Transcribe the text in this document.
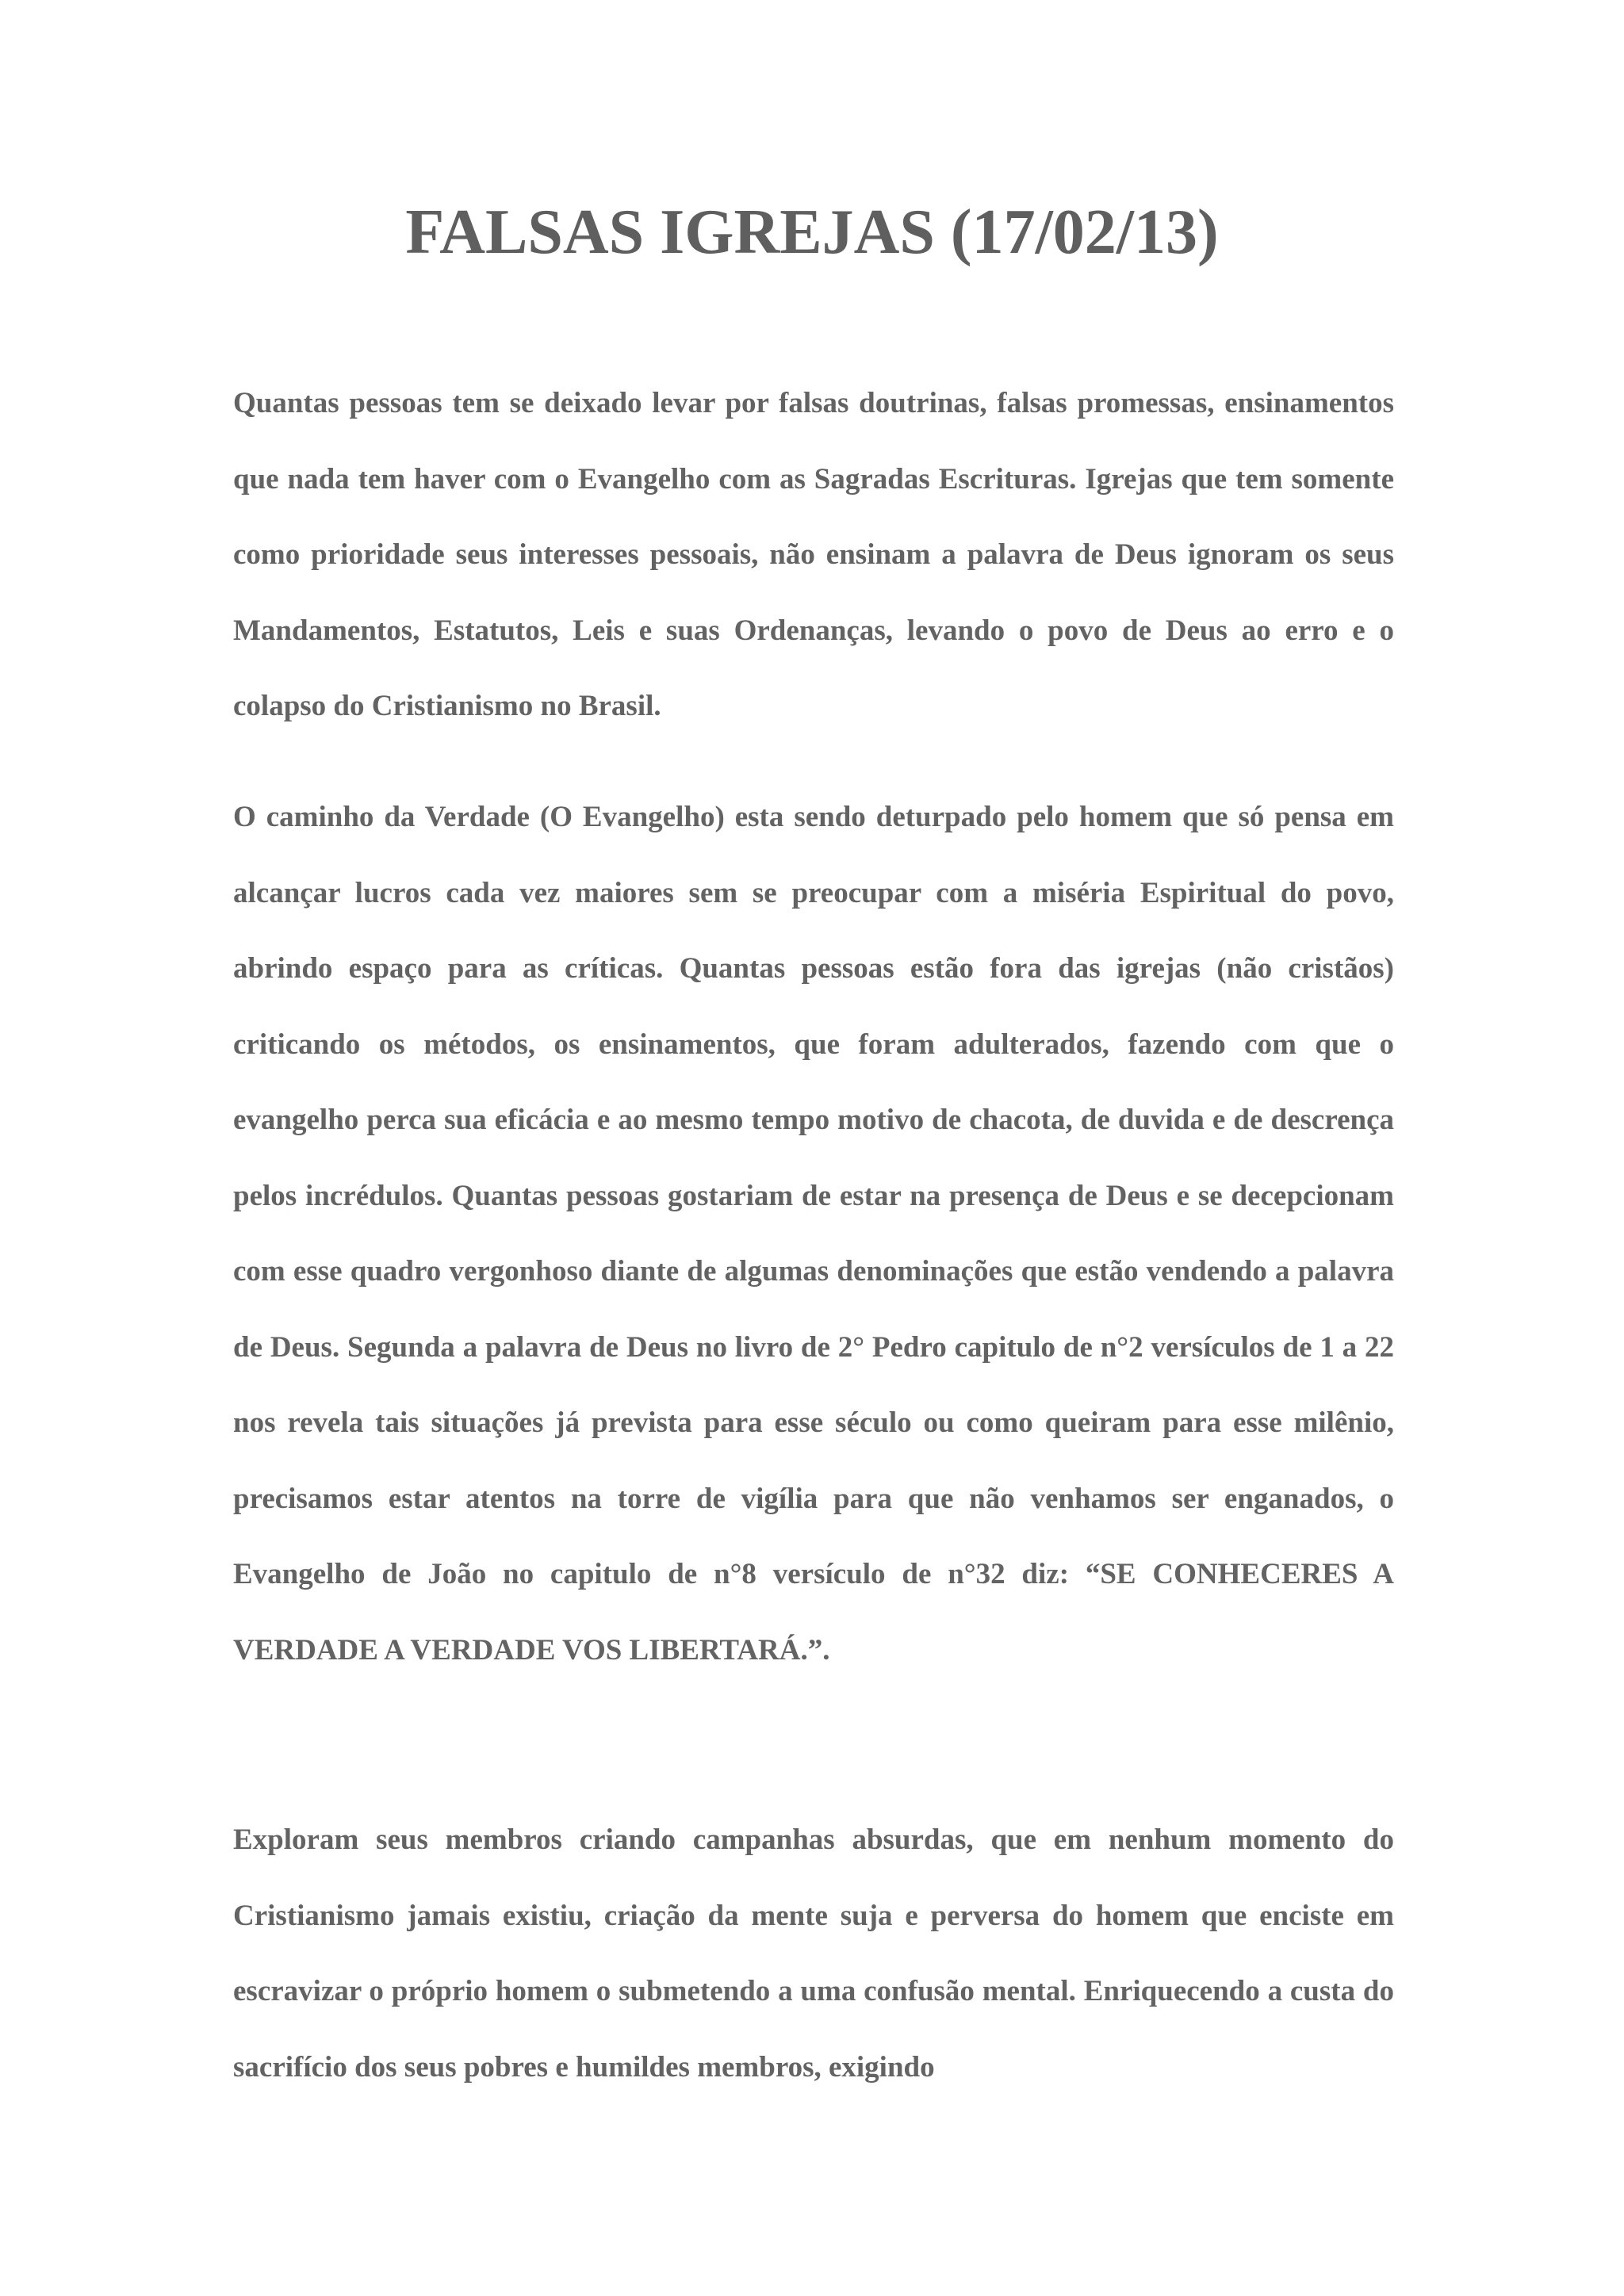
FALSAS IGREJAS (17/02/13)

Quantas pessoas tem se deixado levar por falsas doutrinas, falsas promessas, ensinamentos que nada tem haver com o Evangelho com as Sagradas Escrituras. Igrejas que tem somente como prioridade seus interesses pessoais, não ensinam a palavra de Deus ignoram os seus Mandamentos, Estatutos, Leis e suas Ordenanças, levando o povo de Deus ao erro e o colapso do Cristianismo no Brasil.

O caminho da Verdade (O Evangelho) esta sendo deturpado pelo homem que só pensa em alcançar lucros cada vez maiores sem se preocupar com a miséria Espiritual do povo, abrindo espaço para as críticas. Quantas pessoas estão fora das igrejas (não cristãos) criticando os métodos, os ensinamentos, que foram adulterados, fazendo com que o evangelho perca sua eficácia e ao mesmo tempo motivo de chacota, de duvida e de descrença pelos incrédulos. Quantas pessoas gostariam de estar na presença de Deus e se decepcionam com esse quadro vergonhoso diante de algumas denominações que estão vendendo a palavra de Deus. Segunda a palavra de Deus no livro de 2° Pedro capitulo de n°2 versículos de 1 a 22 nos revela tais situações já prevista para esse século ou como queiram para esse milênio, precisamos estar atentos na torre de vigília para que não venhamos ser enganados, o Evangelho de João no capitulo de n°8 versículo de n°32 diz: “SE CONHECERES A VERDADE A VERDADE VOS LIBERTARÁ.”.

Exploram seus membros criando campanhas absurdas, que em nenhum momento do Cristianismo jamais existiu, criação da mente suja e perversa do homem que enciste em escravizar o próprio homem o submetendo a uma confusão mental. Enriquecendo a custa do sacrifício dos seus pobres e humildes membros, exigindo
